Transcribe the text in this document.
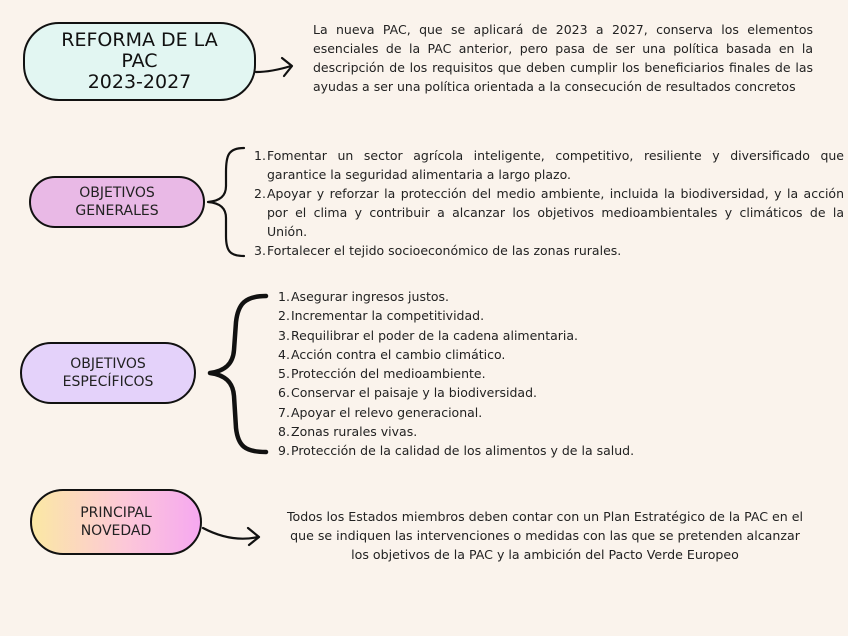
REFORMA DE LA
PAC
2023-2027
La nueva PAC, que se aplicará de 2023 a 2027, conserva los elementos esenciales de la PAC anterior, pero pasa de ser una política basada en la descripción de los requisitos que deben cumplir los beneficiarios finales de las ayudas a ser una política orientada a la consecución de resultados concretos
OBJETIVOS
GENERALES
1. Fomentar un sector agrícola inteligente, competitivo, resiliente y diversificado que garantice la seguridad alimentaria a largo plazo.
2. Apoyar y reforzar la protección del medio ambiente, incluida la biodiversidad, y la acción por el clima y contribuir a alcanzar los objetivos medioambientales y climáticos de la Unión.
3. Fortalecer el tejido socioeconómico de las zonas rurales.
OBJETIVOS
ESPECÍFICOS
1. Asegurar ingresos justos.
2. Incrementar la competitividad.
3. Requilibrar el poder de la cadena alimentaria.
4. Acción contra el cambio climático.
5. Protección del medioambiente.
6. Conservar el paisaje y la biodiversidad.
7. Apoyar el relevo generacional.
8. Zonas rurales vivas.
9. Protección de la calidad de los alimentos y de la salud.
PRINCIPAL
NOVEDAD
Todos los Estados miembros deben contar con un Plan Estratégico de la PAC en el que se indiquen las intervenciones o medidas con las que se pretenden alcanzar los objetivos de la PAC y la ambición del Pacto Verde Europeo
